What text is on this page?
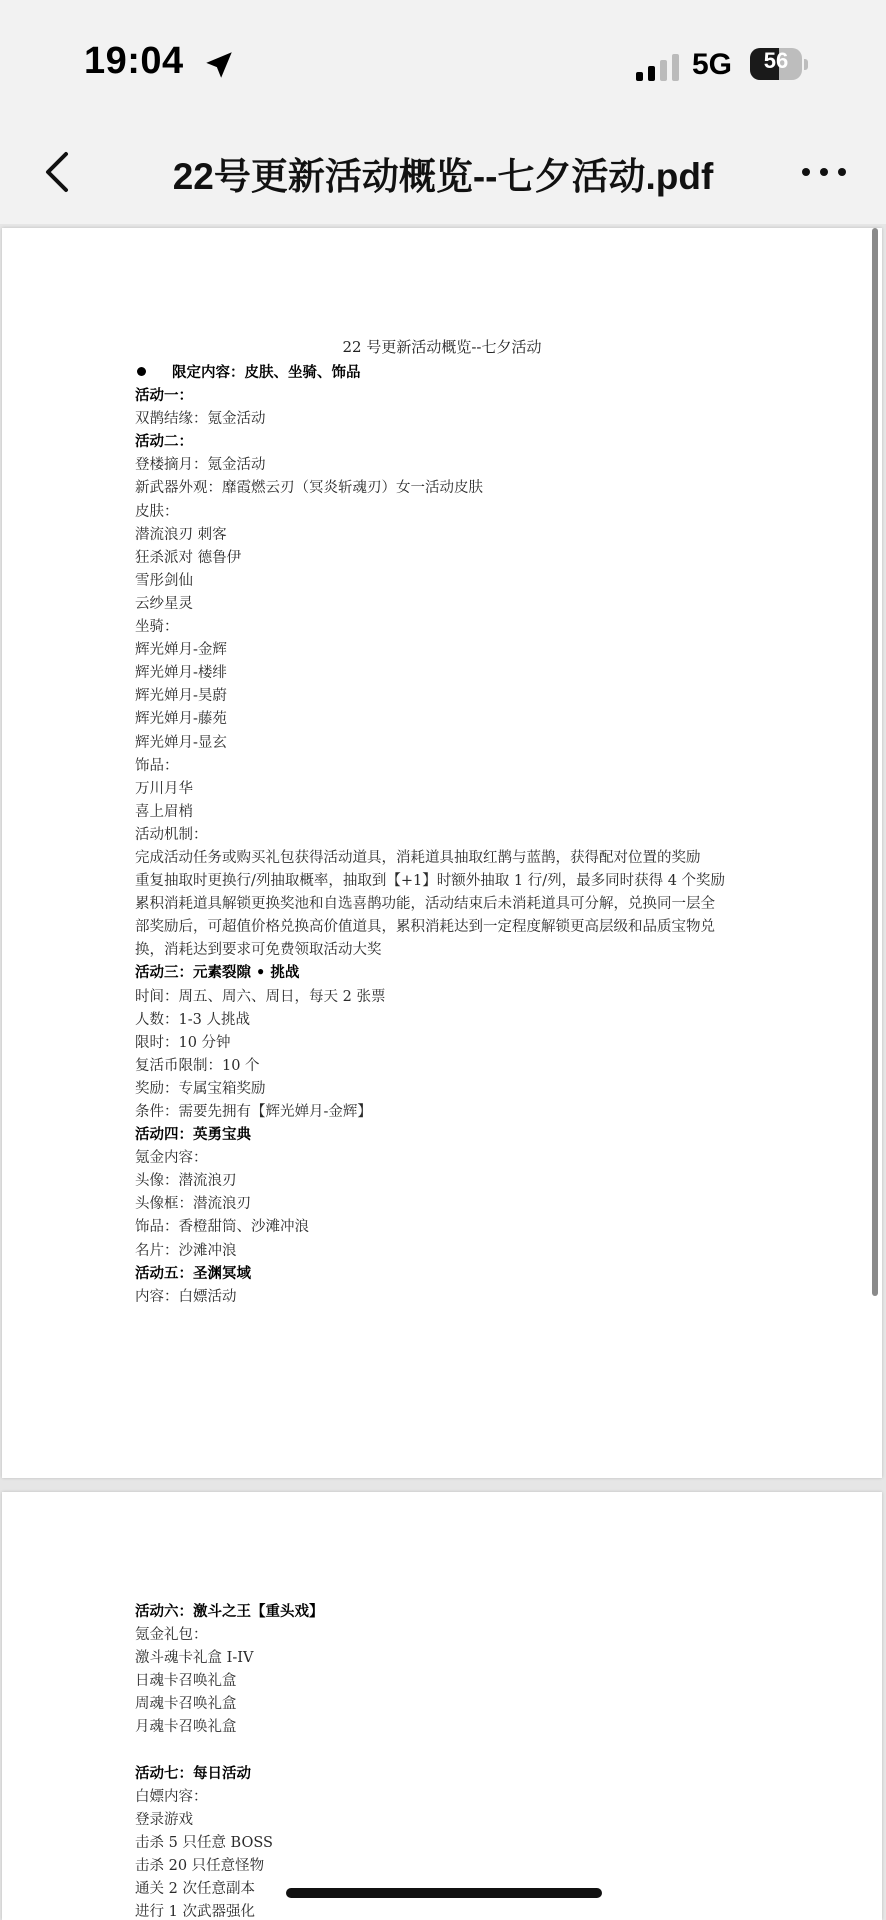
19:04	5G	56
22号更新活动概览--七夕活动.pdf
22 号更新活动概览--七夕活动
限定内容：皮肤、坐骑、饰品
活动一：
双鹊结缘：氪金活动
活动二：
登楼摘月：氪金活动
新武器外观：靡霞燃云刃（冥炎斩魂刃）女一活动皮肤
皮肤：
潜流浪刃 刺客
狂杀派对 德鲁伊
雪彤剑仙
云纱星灵
坐骑：
辉光婵月-金辉
辉光婵月-楼绯
辉光婵月-昊蔚
辉光婵月-藤苑
辉光婵月-显玄
饰品：
万川月华
喜上眉梢
活动机制：
完成活动任务或购买礼包获得活动道具，消耗道具抽取红鹊与蓝鹊，获得配对位置的奖励
重复抽取时更换行/列抽取概率，抽取到【+1】时额外抽取 1 行/列，最多同时获得 4 个奖励
累积消耗道具解锁更换奖池和自选喜鹊功能，活动结束后未消耗道具可分解，兑换同一层全
部奖励后，可超值价格兑换高价值道具，累积消耗达到一定程度解锁更高层级和品质宝物兑
换，消耗达到要求可免费领取活动大奖
活动三：元素裂隙 • 挑战
时间：周五、周六、周日，每天 2 张票
人数：1-3 人挑战
限时：10 分钟
复活币限制：10 个
奖励：专属宝箱奖励
条件：需要先拥有【辉光婵月-金辉】
活动四：英勇宝典
氪金内容：
头像：潜流浪刃
头像框：潜流浪刃
饰品：香橙甜筒、沙滩冲浪
名片：沙滩冲浪
活动五：圣渊冥域
内容：白嫖活动
活动六：激斗之王【重头戏】
氪金礼包：
激斗魂卡礼盒 I-IV
日魂卡召唤礼盒
周魂卡召唤礼盒
月魂卡召唤礼盒
活动七：每日活动
白嫖内容：
登录游戏
击杀 5 只任意 BOSS
击杀 20 只任意怪物
通关 2 次任意副本
进行 1 次武器强化
